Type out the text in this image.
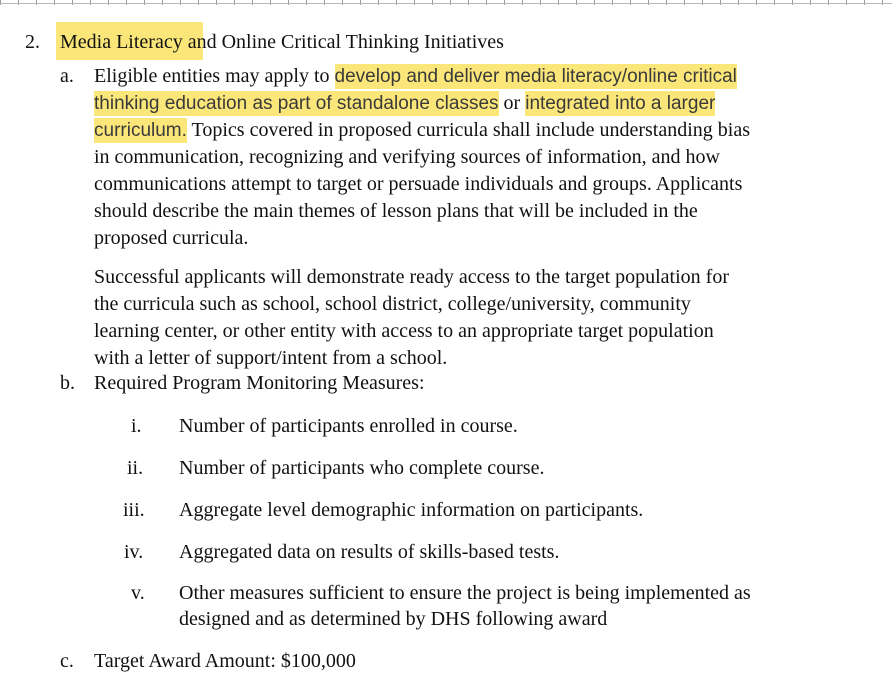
2. Media Literacy and Online Critical Thinking Initiatives
a. Eligible entities may apply to develop and deliver media literacy/online critical
thinking education as part of standalone classes or integrated into a larger
curriculum. Topics covered in proposed curricula shall include understanding bias
in communication, recognizing and verifying sources of information, and how
communications attempt to target or persuade individuals and groups. Applicants
should describe the main themes of lesson plans that will be included in the
proposed curricula.
Successful applicants will demonstrate ready access to the target population for
the curricula such as school, school district, college/university, community
learning center, or other entity with access to an appropriate target population
with a letter of support/intent from a school.
b. Required Program Monitoring Measures:
i. Number of participants enrolled in course.
ii. Number of participants who complete course.
iii. Aggregate level demographic information on participants.
iv. Aggregated data on results of skills-based tests.
v. Other measures sufficient to ensure the project is being implemented as
designed and as determined by DHS following award
c. Target Award Amount: $100,000
